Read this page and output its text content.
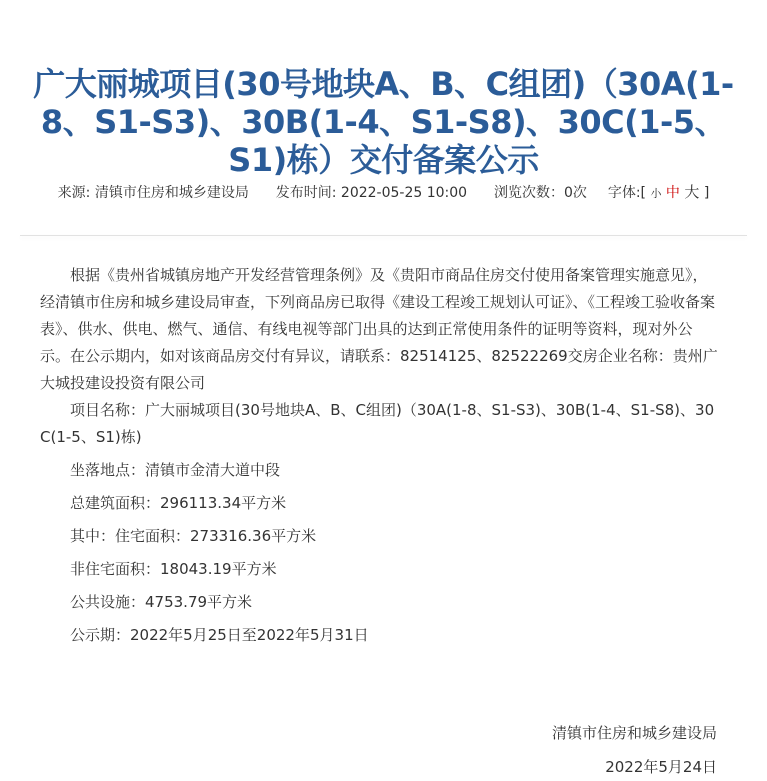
广大丽城项目(30号地块A、B、C组团)（30A(1-8、S1-S3)、30B(1-4、S1-S8)、30C(1-5、S1)栋）交付备案公示
来源: 清镇市住房和城乡建设局 发布时间: 2022-05-25 10:00 浏览次数：0次 字体:[ 小 中 大 ]

根据《贵州省城镇房地产开发经营管理条例》及《贵阳市商品住房交付使用备案管理实施意见》，经清镇市住房和城乡建设局审查，下列商品房已取得《建设工程竣工规划认可证》、《工程竣工验收备案表》、供水、供电、燃气、通信、有线电视等部门出具的达到正常使用条件的证明等资料，现对外公示。在公示期内，如对该商品房交付有异议，请联系：82514125、82522269交房企业名称：贵州广大城投建设投资有限公司

项目名称：广大丽城项目(30号地块A、B、C组团)（30A(1-8、S1-S3)、30B(1-4、S1-S8)、30C(1-5、S1)栋)

坐落地点：清镇市金清大道中段

总建筑面积：296113.34平方米

其中：住宅面积：273316.36平方米

非住宅面积：18043.19平方米

公共设施：4753.79平方米

公示期：2022年5月25日至2022年5月31日

清镇市住房和城乡建设局
2022年5月24日
